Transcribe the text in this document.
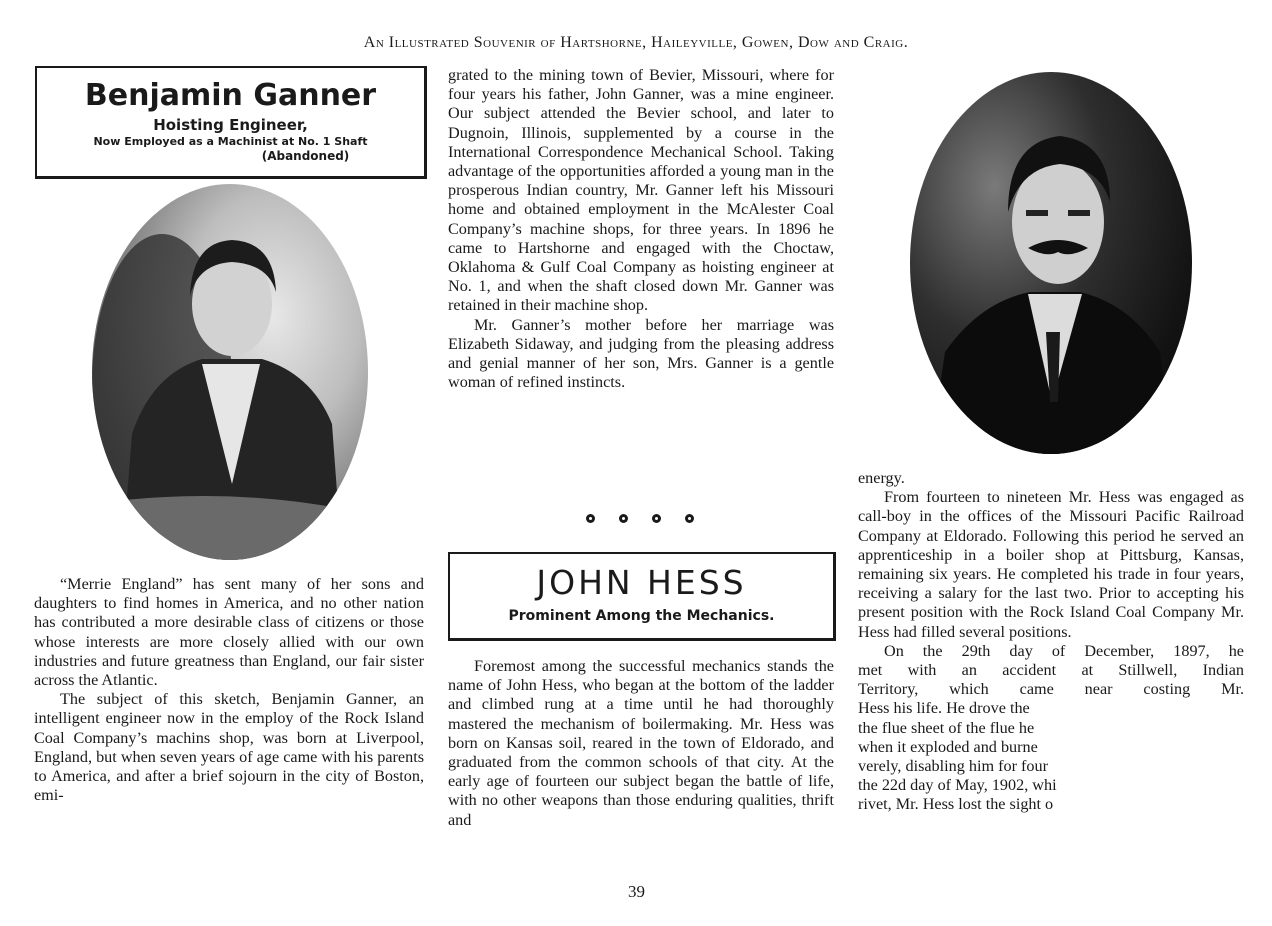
An Illustrated Souvenir of Hartshorne, Haileyville, Gowen, Dow and Craig.
Benjamin Ganner
Hoisting Engineer,
Now Employed as a Machinist at No. 1 Shaft
(Abandoned)

“Merrie England” has sent many of her sons and daughters to find homes in America, and no other nation has contributed a more desirable class of citizens or those whose interests are more closely allied with our own industries and future greatness than England, our fair sister across the Atlantic.

The subject of this sketch, Benjamin Ganner, an intelligent engineer now in the employ of the Rock Island Coal Company’s machins shop, was born at Liverpool, England, but when seven years of age came with his parents to America, and after a brief sojourn in the city of Boston, emi-

grated to the mining town of Bevier, Missouri, where for four years his father, John Ganner, was a mine engineer. Our subject attended the Bevier school, and later to Dugnoin, Illinois, supplemented by a course in the International Correspondence Mechanical School. Taking advantage of the opportunities afforded a young man in the prosperous Indian country, Mr. Ganner left his Missouri home and obtained employment in the McAlester Coal Company’s machine shops, for three years. In 1896 he came to Hartshorne and engaged with the Choctaw, Oklahoma & Gulf Coal Company as hoisting engineer at No. 1, and when the shaft closed down Mr. Ganner was retained in their machine shop.

Mr. Ganner’s mother before her marriage was Elizabeth Sidaway, and judging from the pleasing address and genial manner of her son, Mrs. Ganner is a gentle woman of refined instincts.

JOHN HESS
Prominent Among the Mechanics.

Foremost among the successful mechanics stands the name of John Hess, who began at the bottom of the ladder and climbed rung at a time until he had thoroughly mastered the mechanism of boilermaking. Mr. Hess was born on Kansas soil, reared in the town of Eldorado, and graduated from the common schools of that city. At the early age of fourteen our subject began the battle of life, with no other weapons than those enduring qualities, thrift and

energy.

From fourteen to nineteen Mr. Hess was engaged as call-boy in the offices of the Missouri Pacific Railroad Company at Eldorado. Following this period he served an apprenticeship in a boiler shop at Pittsburg, Kansas, remaining six years. He completed his trade in four years, receiving a salary for the last two. Prior to accepting his present position with the Rock Island Coal Company Mr. Hess had filled several positions.

On the 29th day of December, 1897, he
met with an accident at Stillwell, Indian
Territory, which came near costing Mr.
Hess his life. He drove the
the flue sheet of the flue he
when it exploded and burne
verely, disabling him for four
the 22d day of May, 1902, whi
rivet, Mr. Hess lost the sight o
39
